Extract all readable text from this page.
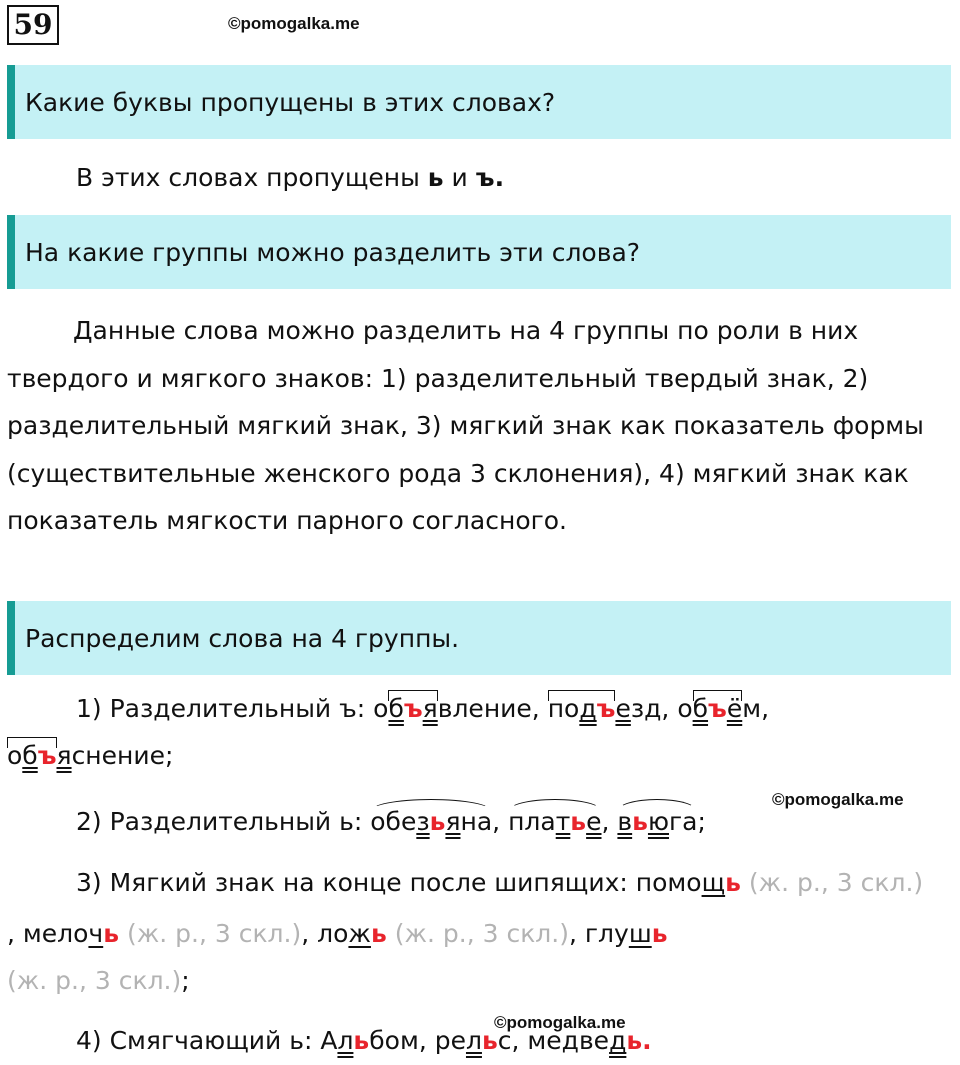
59	©pomogalka.me
Какие буквы пропущены в этих словах?
В этих словах пропущены ь и ъ.
На какие группы можно разделить эти слова?
Данные слова можно разделить на 4 группы по роли в них твердого и мягкого знаков: 1) разделительный твердый знак, 2) разделительный мягкий знак, 3) мягкий знак как показатель формы (существительные женского рода 3 склонения), 4) мягкий знак как показатель мягкости парного согласного.
Распределим слова на 4 группы.
1) Разделительный ъ: объявление, подъезд, объём,
объяснение;
©pomogalka.me
2) Разделительный ь: обезьяна, платье, вьюга;
3) Мягкий знак на конце после шипящих: помощь (ж. р., 3 скл.)
, мелочь (ж. р., 3 скл.), ложь (ж. р., 3 скл.), глушь
(ж. р., 3 скл.);
©pomogalka.me
4) Смягчающий ь: Альбом, рельс, медведь.
